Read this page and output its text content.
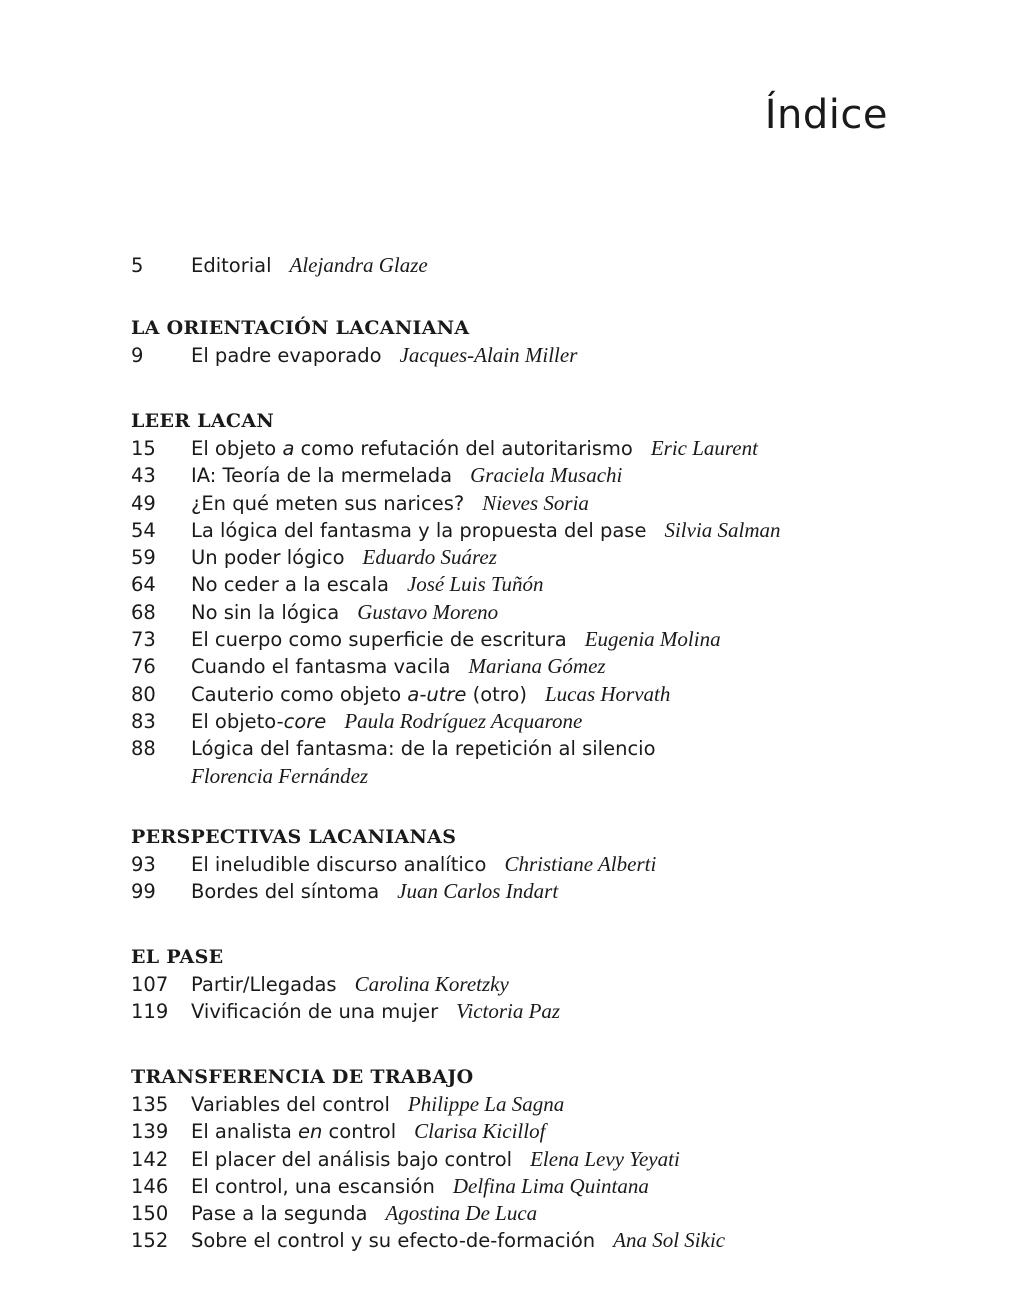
Índice
5 Editorial Alejandra Glaze
LA ORIENTACIÓN LACANIANA
9 El padre evaporado Jacques-Alain Miller
LEER LACAN
15 El objeto a como refutación del autoritarismo Eric Laurent
43 IA: Teoría de la mermelada Graciela Musachi
49 ¿En qué meten sus narices? Nieves Soria
54 La lógica del fantasma y la propuesta del pase Silvia Salman
59 Un poder lógico Eduardo Suárez
64 No ceder a la escala José Luis Tuñón
68 No sin la lógica Gustavo Moreno
73 El cuerpo como superficie de escritura Eugenia Molina
76 Cuando el fantasma vacila Mariana Gómez
80 Cauterio como objeto a-utre (otro) Lucas Horvath
83 El objeto-core Paula Rodríguez Acquarone
88 Lógica del fantasma: de la repetición al silencio
Florencia Fernández
PERSPECTIVAS LACANIANAS
93 El ineludible discurso analítico Christiane Alberti
99 Bordes del síntoma Juan Carlos Indart
EL PASE
107 Partir/Llegadas Carolina Koretzky
119 Vivificación de una mujer Victoria Paz
TRANSFERENCIA DE TRABAJO
135 Variables del control Philippe La Sagna
139 El analista en control Clarisa Kicillof
142 El placer del análisis bajo control Elena Levy Yeyati
146 El control, una escansión Delfina Lima Quintana
150 Pase a la segunda Agostina De Luca
152 Sobre el control y su efecto-de-formación Ana Sol Sikic
